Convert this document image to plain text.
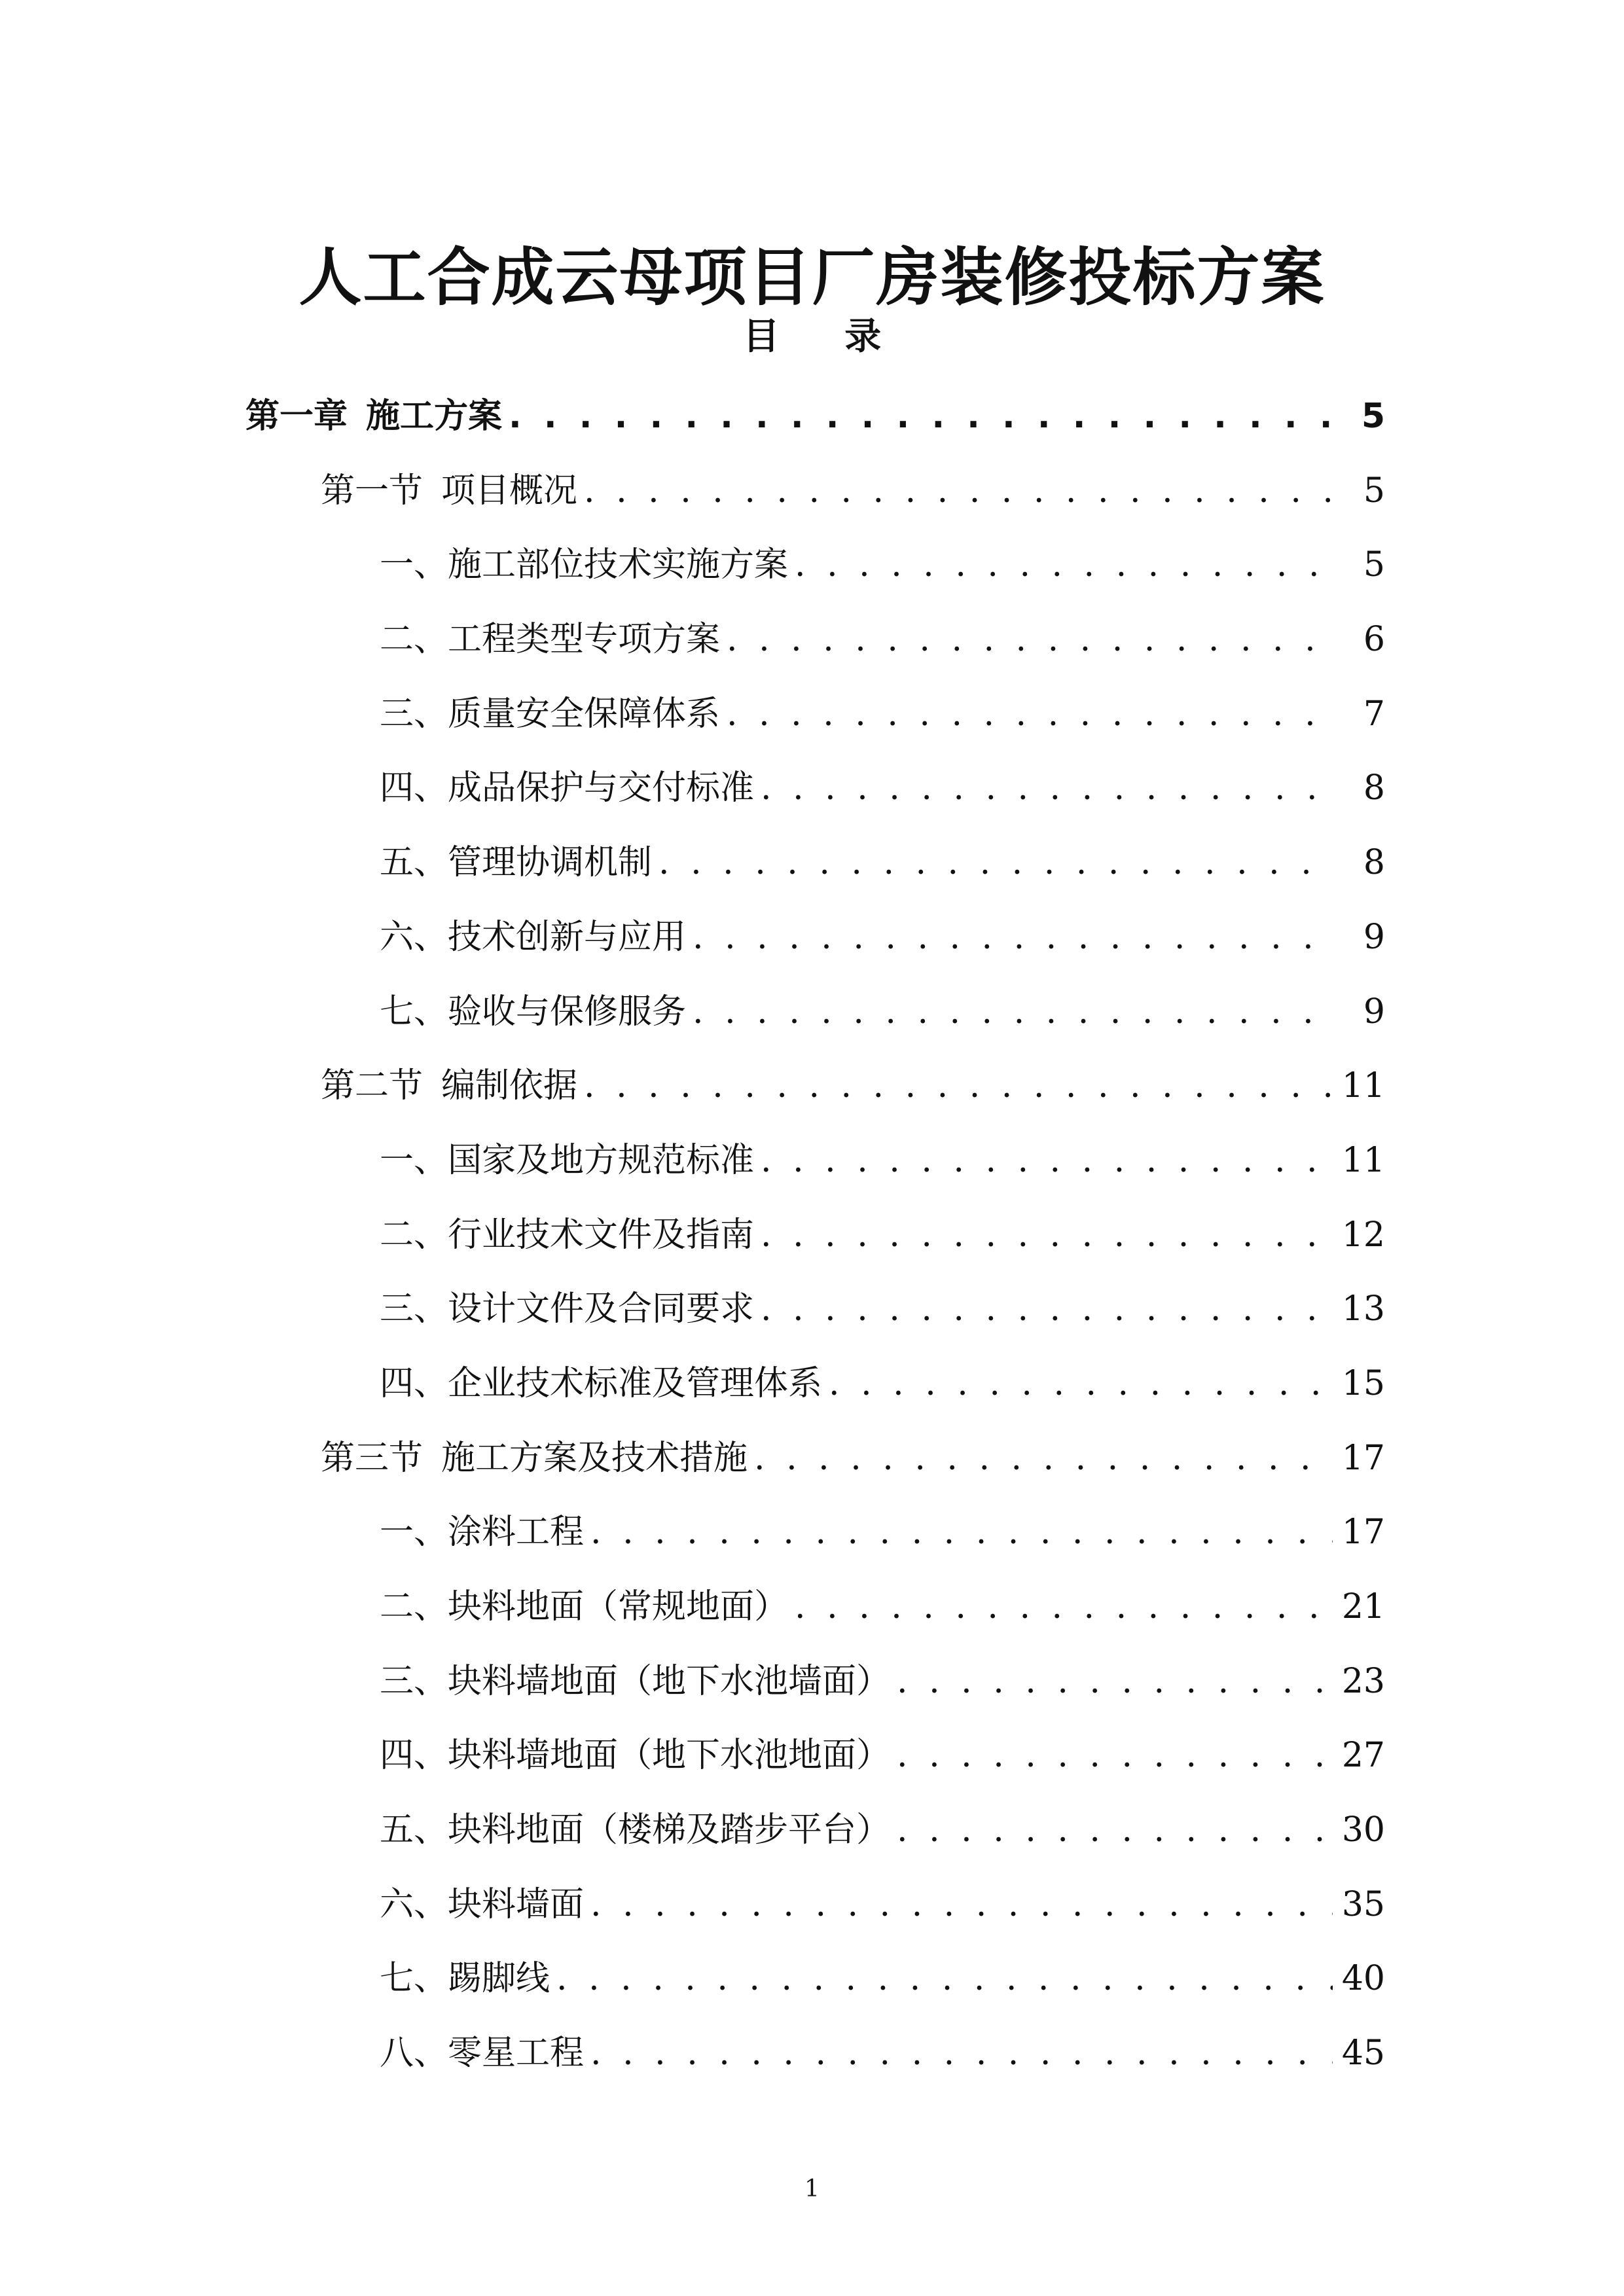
人工合成云母项目厂房装修投标方案
目 录
第一章 施工方案 . . .	5
第一节 项目概况 . . .	5
一、 施工部位技术实施方案 . . .	5
二、 工程类型专项方案 . . .	6
三、 质量安全保障体系 . . .	7
四、 成品保护与交付标准 . . .	8
五、 管理协调机制 . . .	8
六、 技术创新与应用 . . .	9
七、 验收与保修服务 . . .	9
第二节 编制依据 . . .	11
一、 国家及地方规范标准 . . .	11
二、 行业技术文件及指南 . . .	12
三、 设计文件及合同要求 . . .	13
四、 企业技术标准及管理体系 . . .	15
第三节 施工方案及技术措施 . . .	17
一、 涂料工程 . . .	17
二、 块料地面（常规地面） . . .	21
三、 块料墙地面（地下水池墙面） . . .	23
四、 块料墙地面（地下水池地面） . . .	27
五、 块料地面（楼梯及踏步平台） . . .	30
六、 块料墙面 . . .	35
七、 踢脚线 . . .	40
八、 零星工程 . . .	45
1
